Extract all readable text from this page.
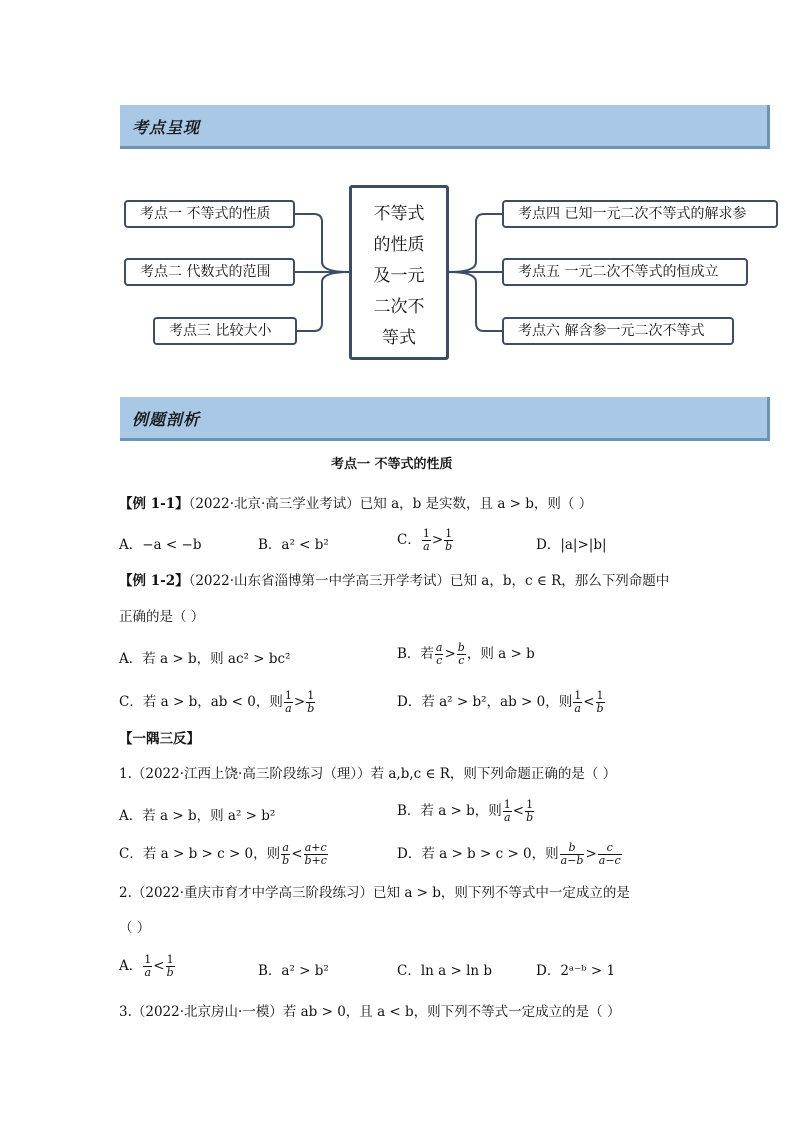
考点呈现
例题剖析
考点一 不等式的性质
考点二 代数式的范围
考点三 比较大小
不等式
的性质
及一元
二次不
等式
考点四 已知一元二次不等式的解求参
考点五 一元二次不等式的恒成立
考点六 解含参一元二次不等式
考点一 不等式的性质
【例 1-1】（2022·北京·高三学业考试）已知 a，b 是实数，且 a > b，则（ ）
A．−a < −b	B．a² < b²	C． $\frac{1}{a} > \frac{1}{b}$	D．|a|>|b|
【例 1-2】（2022·山东省淄博第一中学高三开学考试）已知 a，b，c ∈ R，那么下列命题中
正确的是（ ）
A．若 a > b，则 ac² > bc²	B．若 $\frac{a}{c} > \frac{b}{c}$ ，则 a > b
C．若 a > b，ab < 0，则 $\frac{1}{a} > \frac{1}{b}$	D．若 a² > b²，ab > 0，则 $\frac{1}{a} < \frac{1}{b}$
【一隅三反】
1.（2022·江西上饶·高三阶段练习（理））若 a,b,c ∈ R，则下列命题正确的是（ ）
A．若 a > b，则 a² > b²	B．若 a > b，则 $\frac{1}{a} < \frac{1}{b}$
C．若 a > b > c > 0，则 $\frac{a}{b} < \frac{a+c}{b+c}$	D．若 a > b > c > 0，则 $\frac{b}{a-b} > \frac{c}{a-c}$
2.（2022·重庆市育才中学高三阶段练习）已知 a > b，则下列不等式中一定成立的是
（ ）
A． $\frac{1}{a} < \frac{1}{b}$	B．a² > b²	C．ln a > ln b	D．2ᵃ⁻ᵇ > 1
3.（2022·北京房山·一模）若 ab > 0，且 a < b，则下列不等式一定成立的是（ ）
